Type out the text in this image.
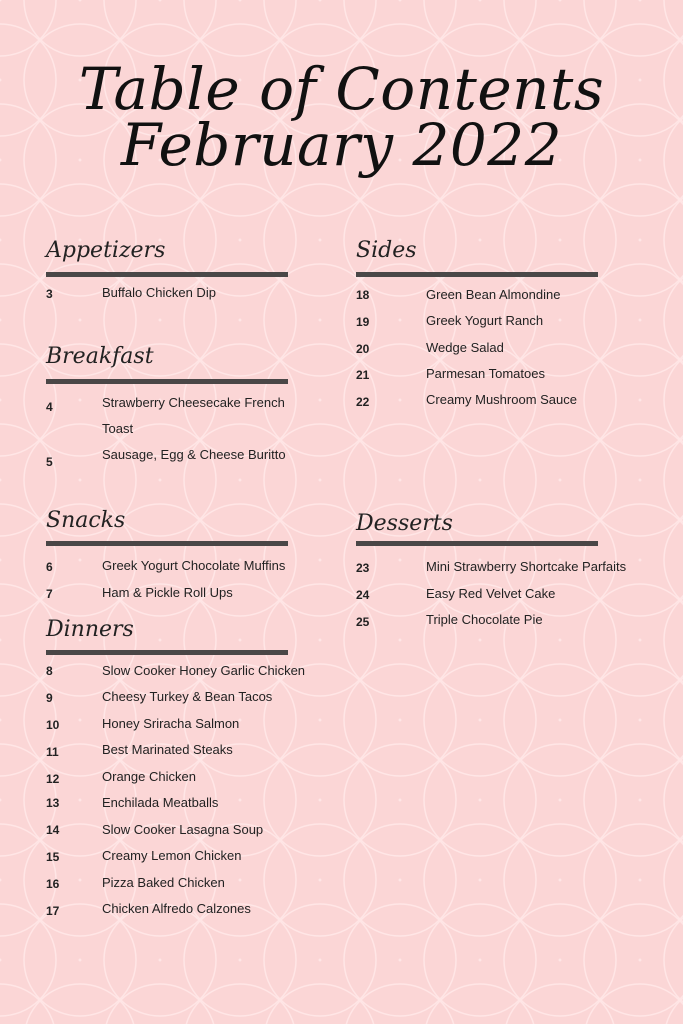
Table of Contents
February 2022
Appetizers
3	Buffalo Chicken Dip
Breakfast
4	Strawberry Cheesecake French
Toast
5	Sausage, Egg & Cheese Buritto
Snacks
6	Greek Yogurt Chocolate Muffins
7	Ham & Pickle Roll Ups
Dinners
8	Slow Cooker Honey Garlic Chicken
9	Cheesy Turkey & Bean Tacos
10	Honey Sriracha Salmon
11	Best Marinated Steaks
12	Orange Chicken
13	Enchilada Meatballs
14	Slow Cooker Lasagna Soup
15	Creamy Lemon Chicken
16	Pizza Baked Chicken
17	Chicken Alfredo Calzones
Sides
18	Green Bean Almondine
19	Greek Yogurt Ranch
20	Wedge Salad
21	Parmesan Tomatoes
22	Creamy Mushroom Sauce
Desserts
23	Mini Strawberry Shortcake Parfaits
24	Easy Red Velvet Cake
25	Triple Chocolate Pie
